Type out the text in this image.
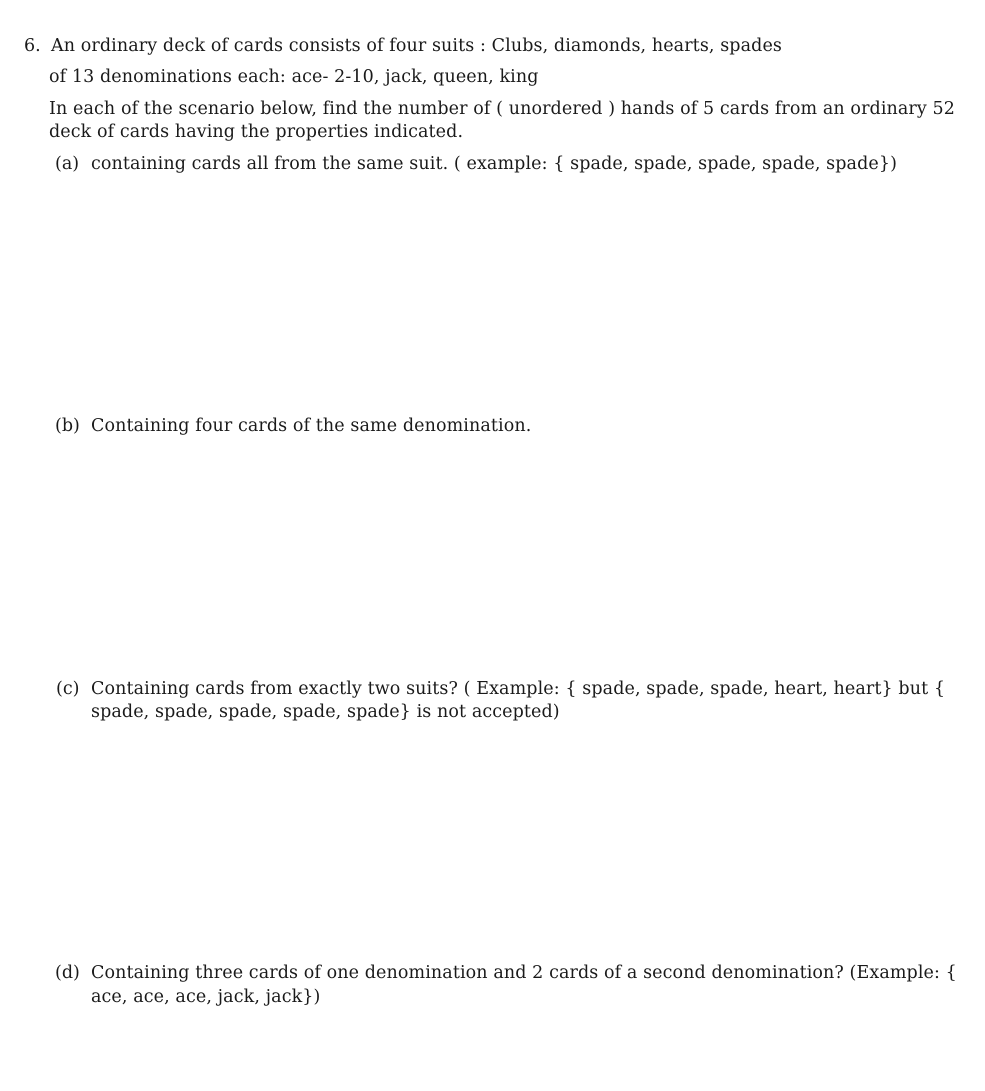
6. An ordinary deck of cards consists of four suits : Clubs, diamonds, hearts, spades
of 13 denominations each: ace- 2-10, jack, queen, king
In each of the scenario below, find the number of ( unordered ) hands of 5 cards from an ordinary 52
deck of cards having the properties indicated.
(a) containing cards all from the same suit. ( example: { spade, spade, spade, spade, spade})
(b) Containing four cards of the same denomination.
(c) Containing cards from exactly two suits? ( Example: { spade, spade, spade, heart, heart} but {
spade, spade, spade, spade, spade} is not accepted)
(d) Containing three cards of one denomination and 2 cards of a second denomination? (Example: {
ace, ace, ace, jack, jack})
